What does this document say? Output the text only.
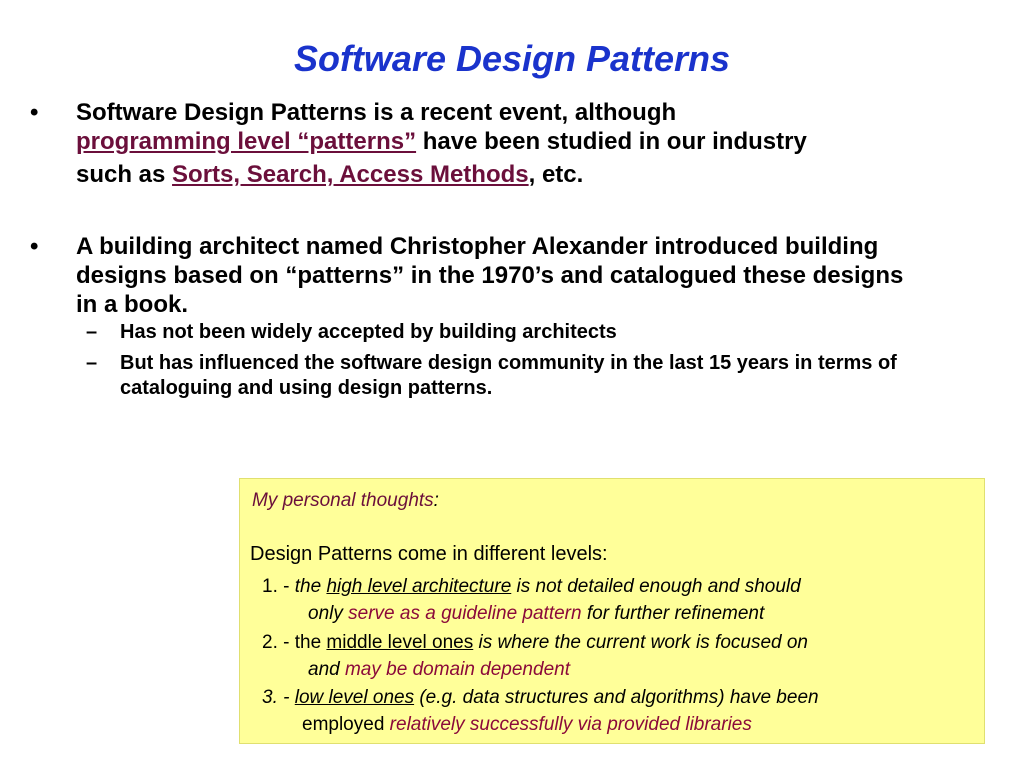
Software Design Patterns
• Software Design Patterns is a recent event, although
programming level “patterns” have been studied in our industry
such as Sorts, Search, Access Methods, etc.
• A building architect named Christopher Alexander introduced building designs based on “patterns” in the 1970’s and catalogued these designs in a book.
– Has not been widely accepted by building architects
– But has influenced the software design community in the last 15 years in terms of cataloguing and using design patterns.
My personal thoughts:
Design Patterns come in different levels:
1. - the high level architecture is not detailed enough and should
only serve as a guideline pattern for further refinement
2. - the middle level ones is where the current work is focused on
and may be domain dependent
3. - low level ones (e.g. data structures and algorithms) have been
employed relatively successfully via provided libraries
